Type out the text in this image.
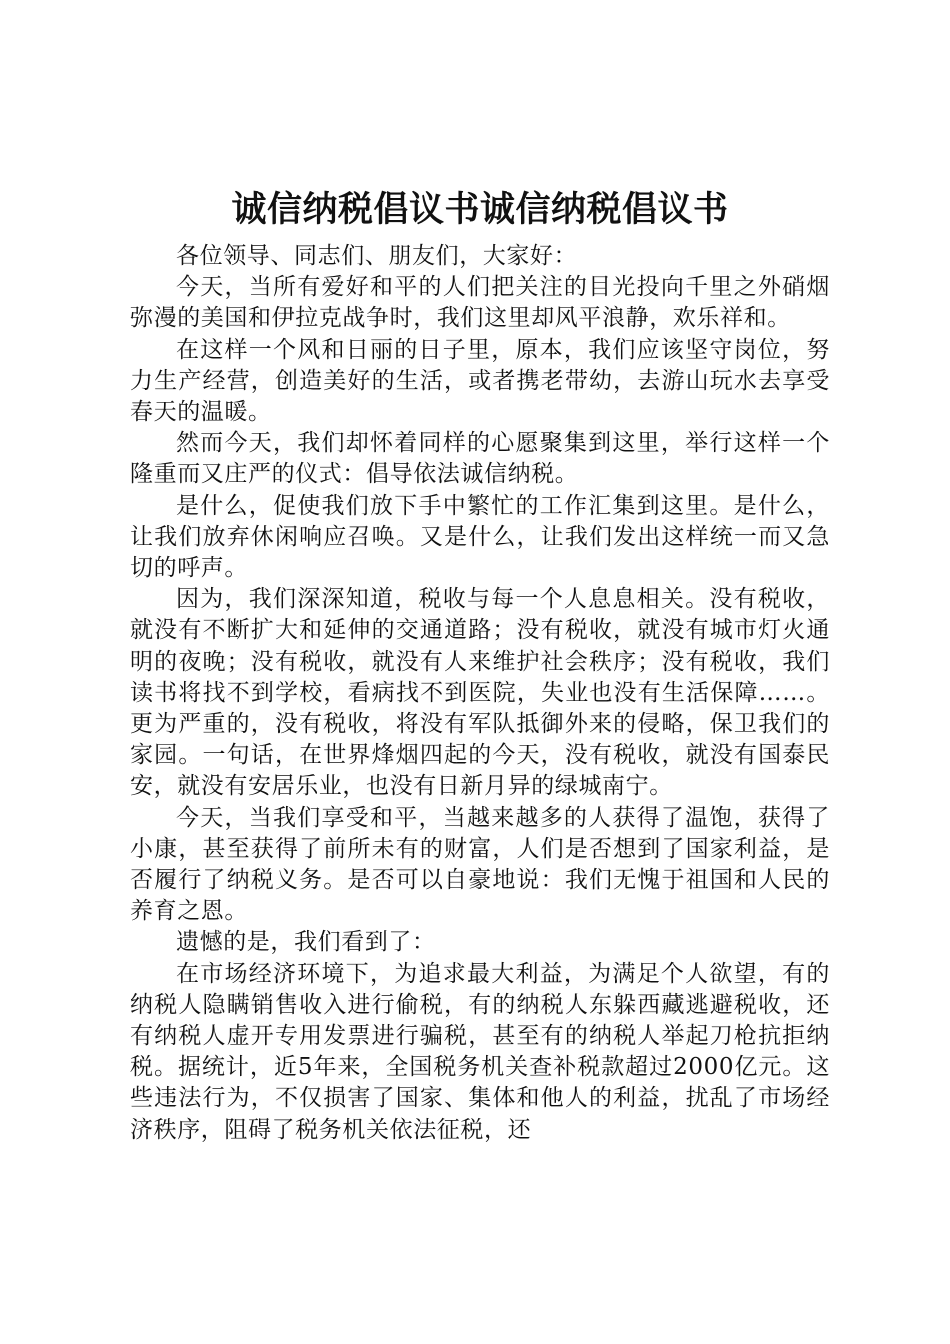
诚信纳税倡议书诚信纳税倡议书

各位领导、同志们、朋友们，大家好：

今天，当所有爱好和平的人们把关注的目光投向千里之外硝烟弥漫的美国和伊拉克战争时，我们这里却风平浪静，欢乐祥和。

在这样一个风和日丽的日子里，原本，我们应该坚守岗位，努力生产经营，创造美好的生活，或者携老带幼，去游山玩水去享受春天的温暖。

然而今天，我们却怀着同样的心愿聚集到这里，举行这样一个隆重而又庄严的仪式：倡导依法诚信纳税。

是什么，促使我们放下手中繁忙的工作汇集到这里。是什么，让我们放弃休闲响应召唤。又是什么，让我们发出这样统一而又急切的呼声。

因为，我们深深知道，税收与每一个人息息相关。没有税收，就没有不断扩大和延伸的交通道路；没有税收，就没有城市灯火通明的夜晚；没有税收，就没有人来维护社会秩序；没有税收，我们读书将找不到学校，看病找不到医院，失业也没有生活保障……。更为严重的，没有税收，将没有军队抵御外来的侵略，保卫我们的家园。一句话，在世界烽烟四起的今天，没有税收，就没有国泰民安，就没有安居乐业，也没有日新月异的绿城南宁。

今天，当我们享受和平，当越来越多的人获得了温饱，获得了小康，甚至获得了前所未有的财富，人们是否想到了国家利益，是否履行了纳税义务。是否可以自豪地说：我们无愧于祖国和人民的养育之恩。

遗憾的是，我们看到了：

在市场经济环境下，为追求最大利益，为满足个人欲望，有的纳税人隐瞒销售收入进行偷税，有的纳税人东躲西藏逃避税收，还有纳税人虚开专用发票进行骗税，甚至有的纳税人举起刀枪抗拒纳税。据统计，近5年来，全国税务机关查补税款超过2000亿元。这些违法行为，不仅损害了国家、集体和他人的利益，扰乱了市场经济秩序，阻碍了税务机关依法征税，还
